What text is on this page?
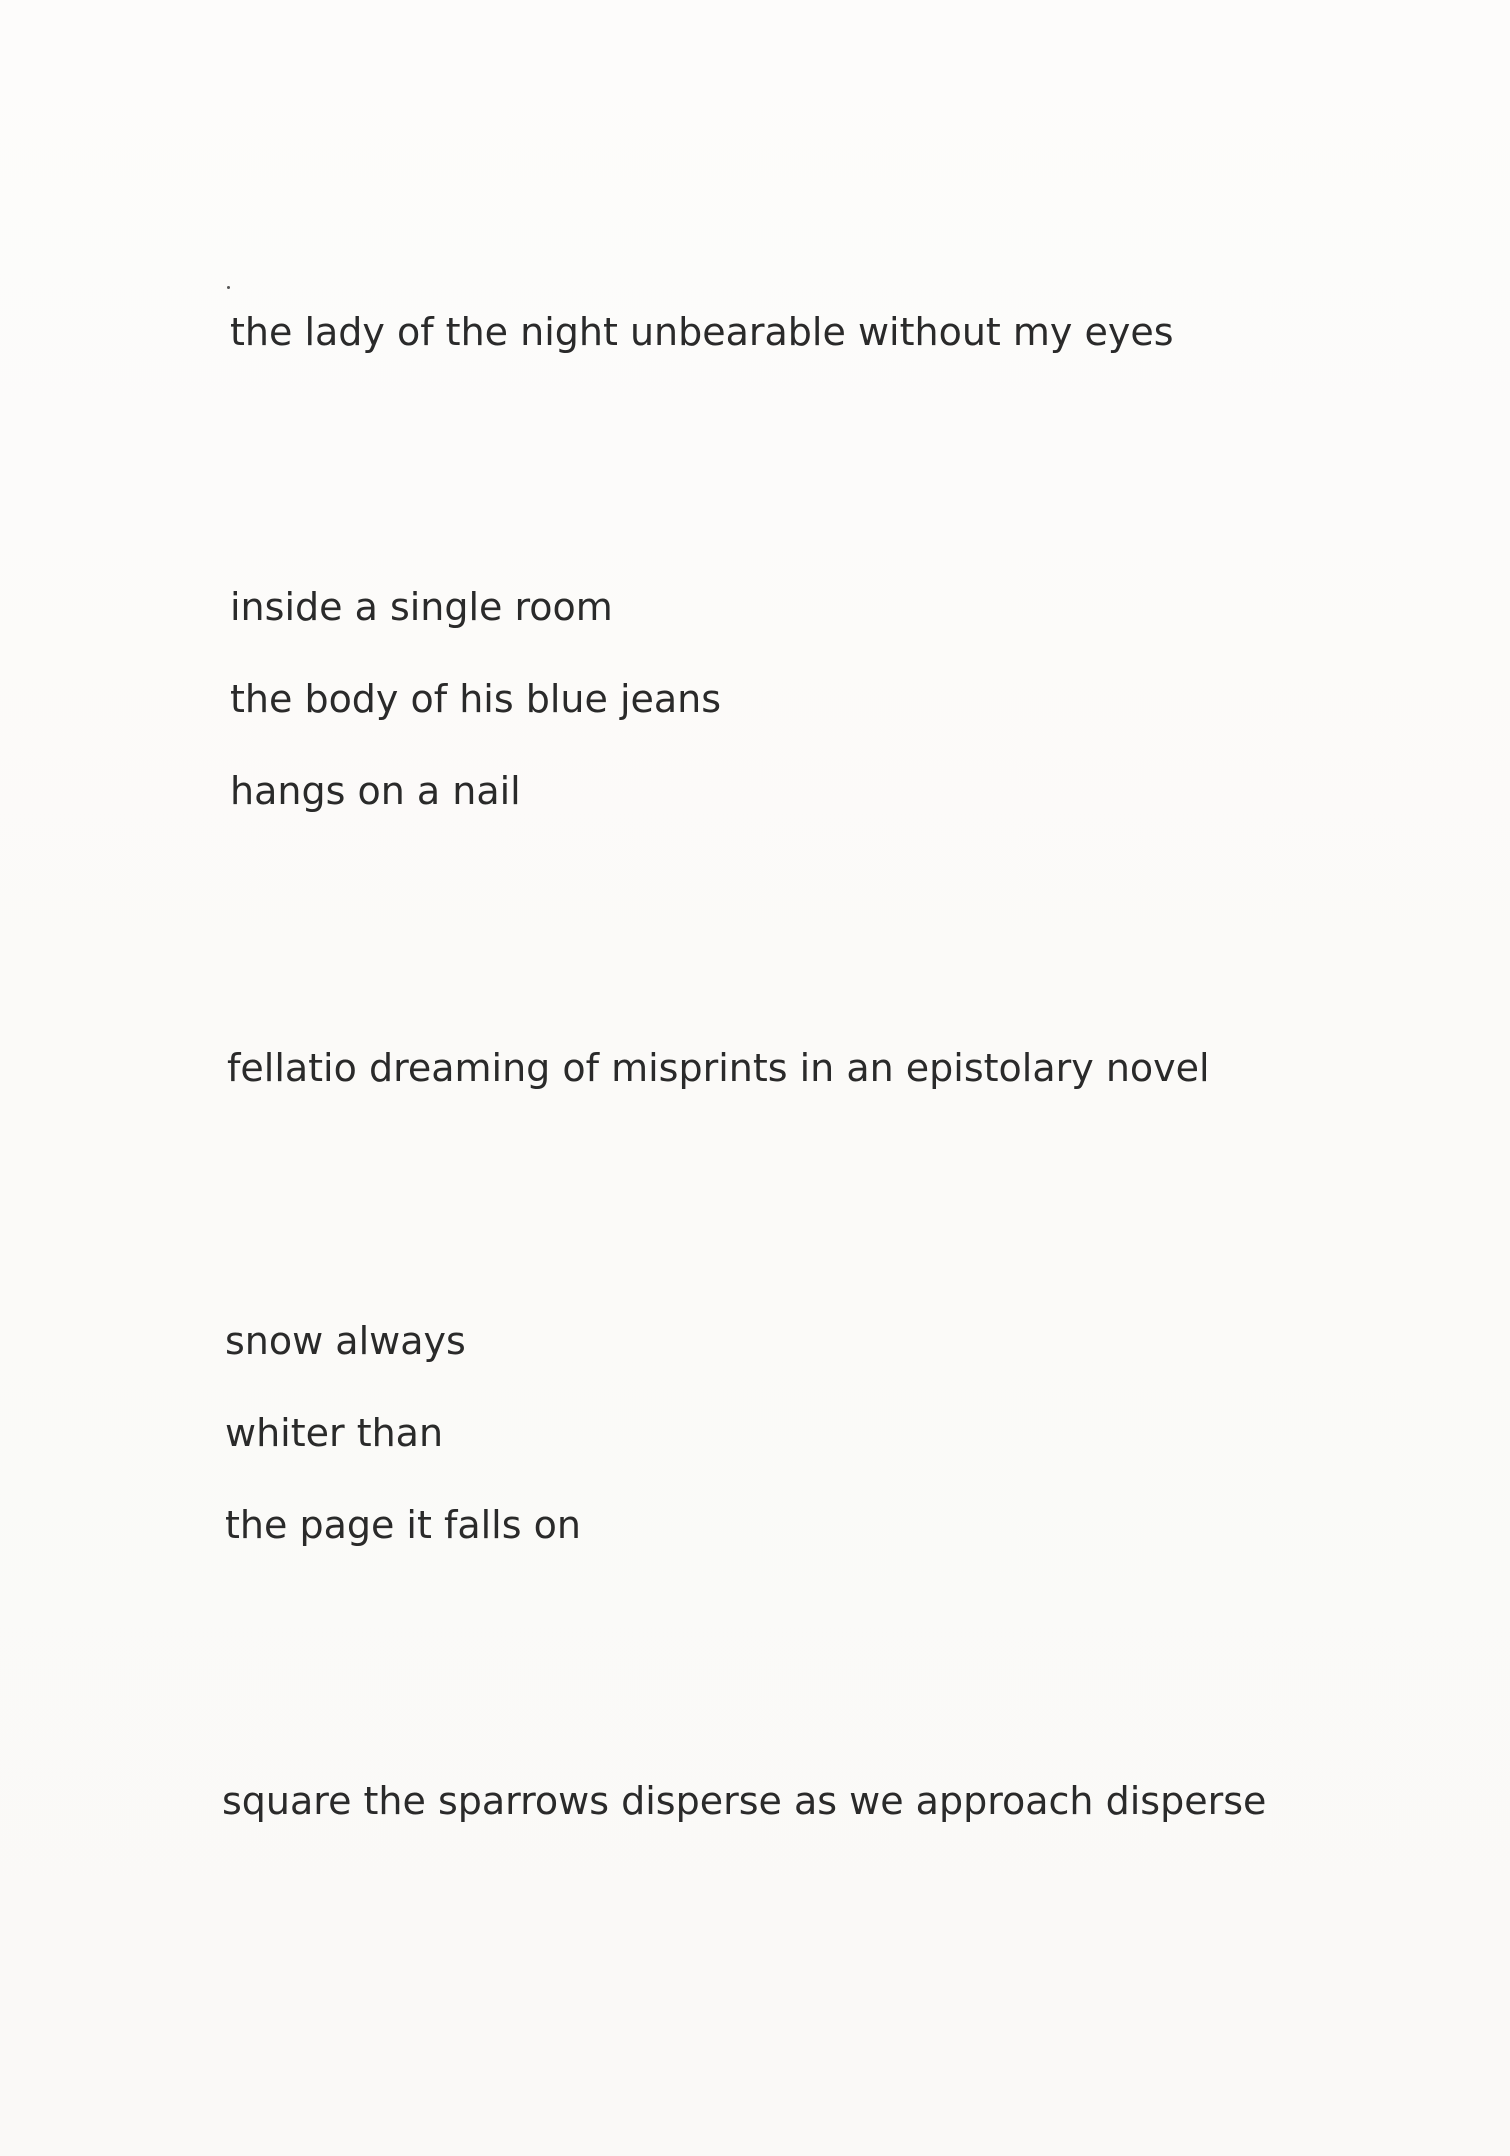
the lady of the night unbearable without my eyes
inside a single room
the body of his blue jeans
hangs on a nail
fellatio dreaming of misprints in an epistolary novel
snow always
whiter than
the page it falls on
square the sparrows disperse as we approach disperse
